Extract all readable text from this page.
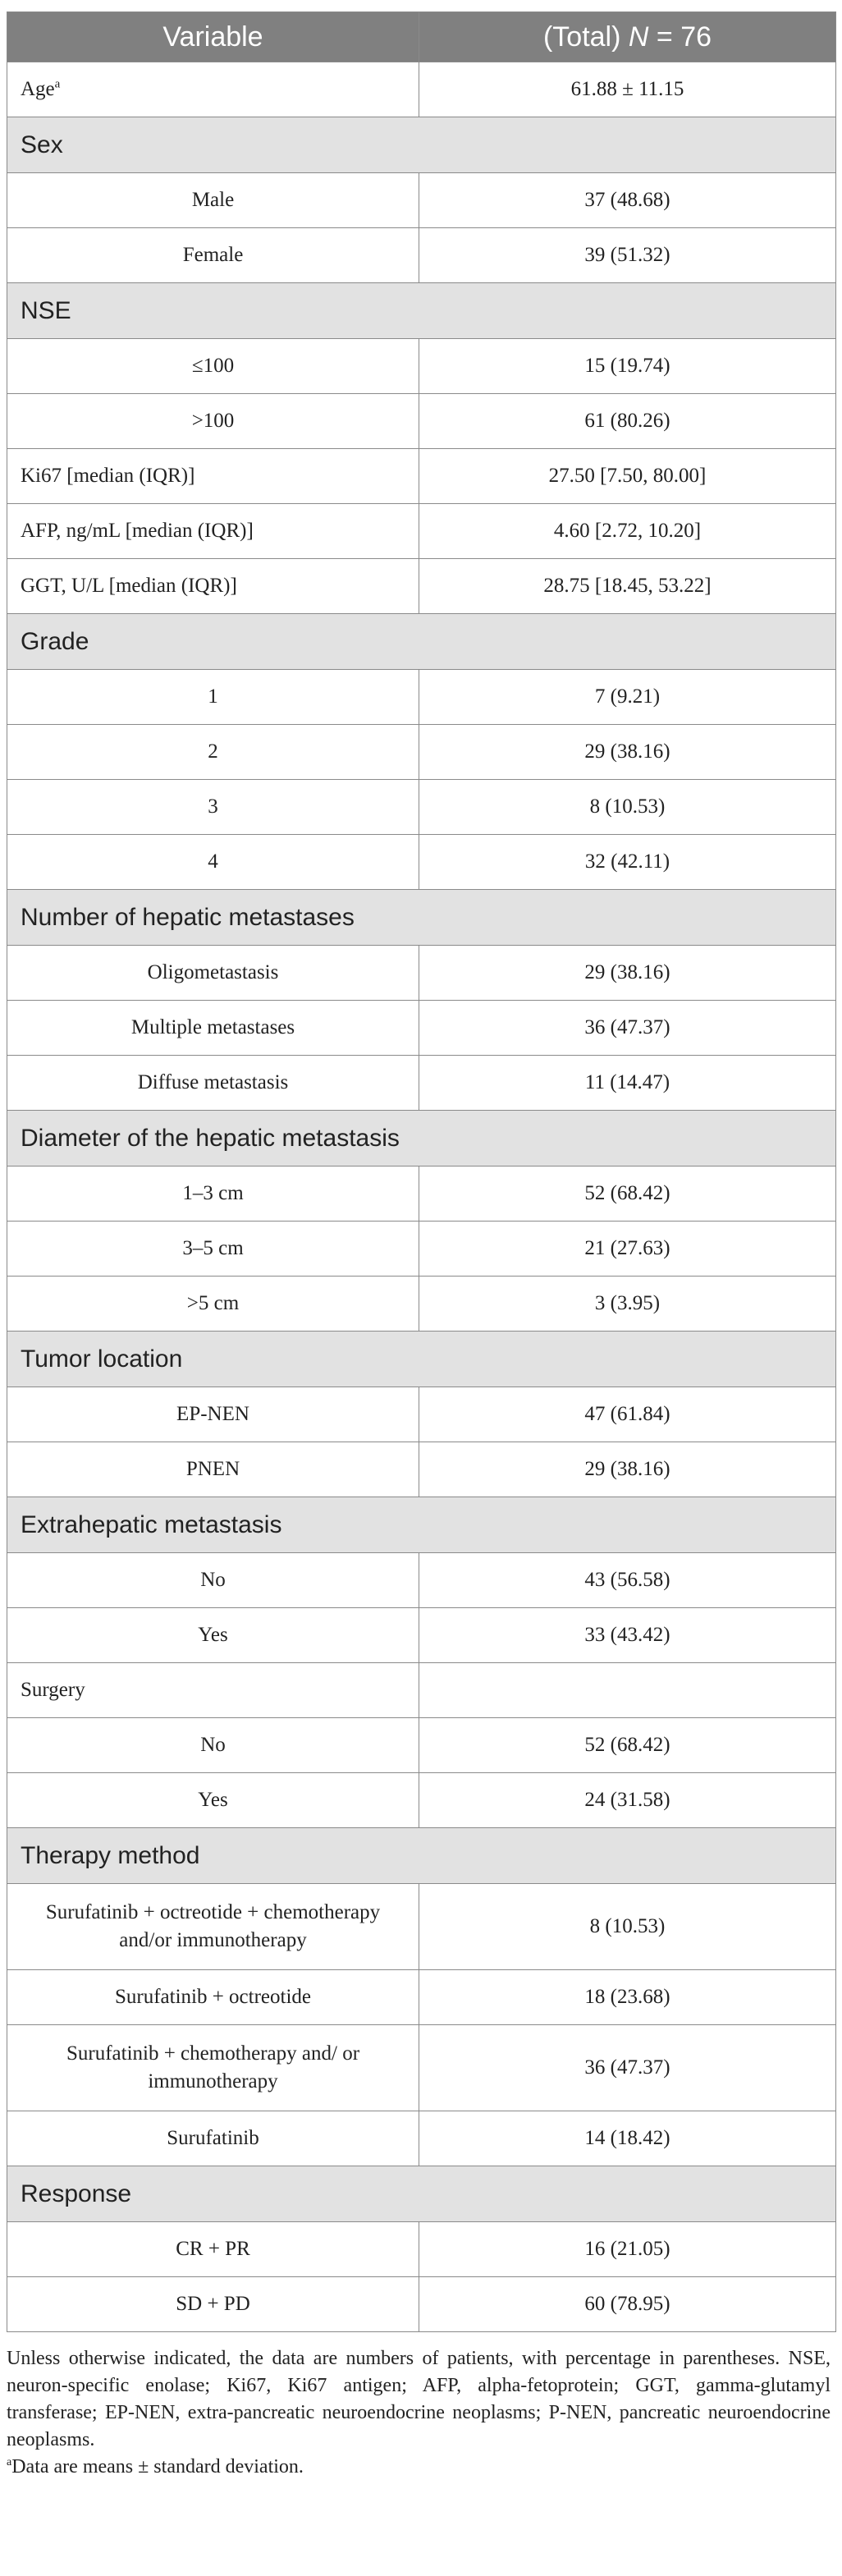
Variable	(Total) N = 76
Age$^a$	61.88 ± 11.15
Sex	
Male	37 (48.68)
Female	39 (51.32)
NSE	
≤100	15 (19.74)
>100	61 (80.26)
Ki67 [median (IQR)]	27.50 [7.50, 80.00]
AFP, ng/mL [median (IQR)]	4.60 [2.72, 10.20]
GGT, U/L [median (IQR)]	28.75 [18.45, 53.22]
Grade	
1	7 (9.21)
2	29 (38.16)
3	8 (10.53)
4	32 (42.11)
Number of hepatic metastases	
Oligometastasis	29 (38.16)
Multiple metastases	36 (47.37)
Diffuse metastasis	11 (14.47)
Diameter of the hepatic metastasis	
1–3 cm	52 (68.42)
3–5 cm	21 (27.63)
>5 cm	3 (3.95)
Tumor location	
EP-NEN	47 (61.84)
PNEN	29 (38.16)
Extrahepatic metastasis	
No	43 (56.58)
Yes	33 (43.42)
Surgery	
No	52 (68.42)
Yes	24 (31.58)
Therapy method	
Surufatinib + octreotide + chemotherapy and/or immunotherapy	8 (10.53)
Surufatinib + octreotide	18 (23.68)
Surufatinib + chemotherapy and/ or immunotherapy	36 (47.37)
Surufatinib	14 (18.42)
Response	
CR + PR	16 (21.05)
SD + PD	60 (78.95)

Unless otherwise indicated, the data are numbers of patients, with percentage in parentheses. NSE, neuron-specific enolase; Ki67, Ki67 antigen; AFP, alpha-fetoprotein; GGT, gamma-glutamyl transferase; EP-NEN, extra-pancreatic neuroendocrine neoplasms; P-NEN, pancreatic neuroendocrine neoplasms.

$^a$Data are means ± standard deviation.
